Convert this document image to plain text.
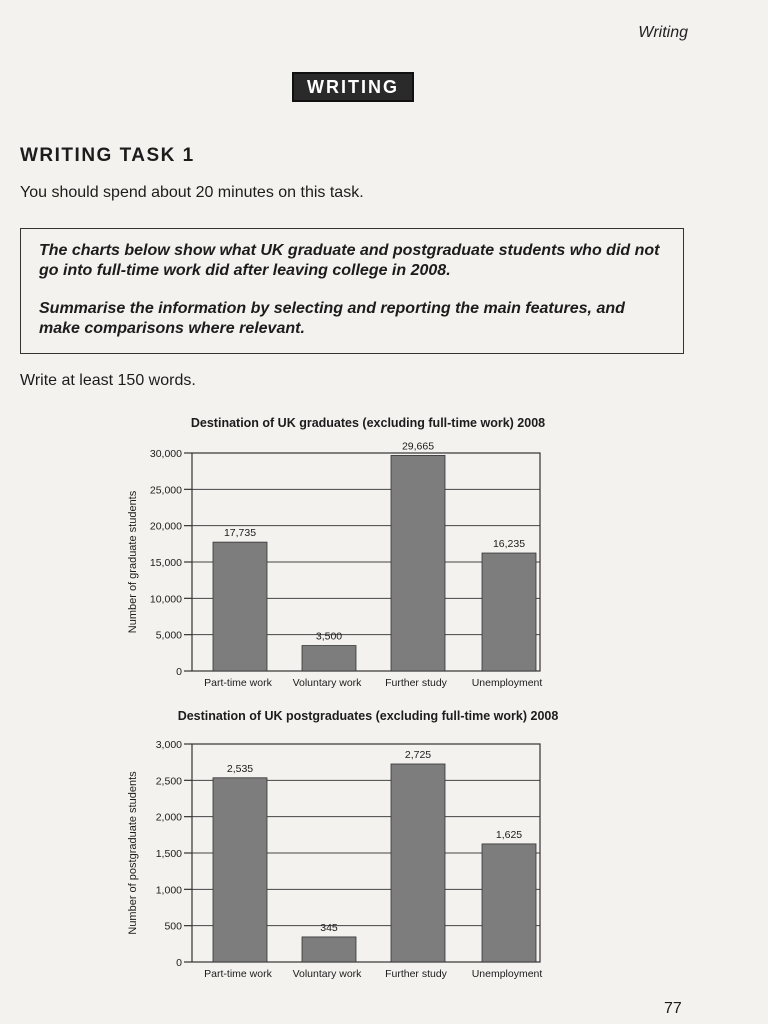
Writing
WRITING
WRITING TASK 1
You should spend about 20 minutes on this task.

The charts below show what UK graduate and postgraduate students who did not go into full-time work did after leaving college in 2008.

Summarise the information by selecting and reporting the main features, and make comparisons where relevant.

Write at least 150 words.
Destination of UK graduates (excluding full-time work) 2008
0
5,000
10,000
15,000
20,000
25,000
30,000
Number of graduate students	17,735
Part-time work
3,500
Voluntary work
29,665
Further study
16,235
Unemployment
Destination of UK postgraduates (excluding full-time work) 2008
0
500
1,000
1,500
2,000
2,500
3,000
Number of postgraduate students
2,535
Part-time work
345
Voluntary work
2,725
Further study
1,625
Unemployment
77
